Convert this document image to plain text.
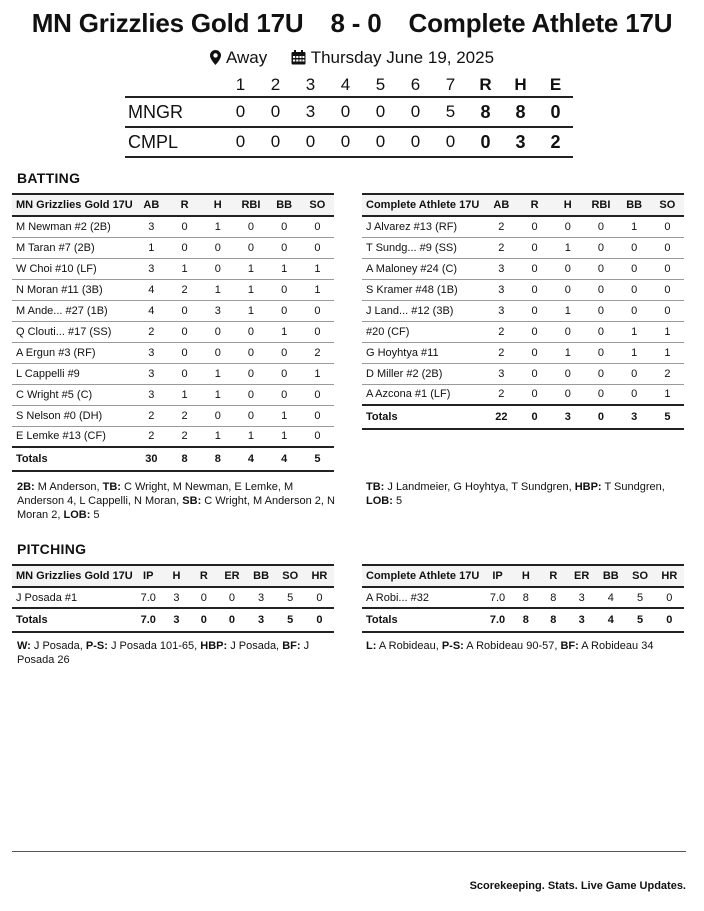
MN Grizzlies Gold 17U 8 - 0 Complete Athlete 17U
Away	Thursday June 19, 2025
	1	2	3	4	5	6	7	R	H	E
MNGR	0	0	3	0	0	0	5	8	8	0
CMPL	0	0	0	0	0	0	0	0	3	2
BATTING
MN Grizzlies Gold 17U	AB	R	H	RBI	BB	SO
M Newman #2 (2B)	3	0	1	0	0	0
M Taran #7 (2B)	1	0	0	0	0	0
W Choi #10 (LF)	3	1	0	1	1	1
N Moran #11 (3B)	4	2	1	1	0	1
M Ande... #27 (1B)	4	0	3	1	0	0
Q Clouti... #17 (SS)	2	0	0	0	1	0
A Ergun #3 (RF)	3	0	0	0	0	2
L Cappelli #9	3	0	1	0	0	1
C Wright #5 (C)	3	1	1	0	0	0
S Nelson #0 (DH)	2	2	0	0	1	0
E Lemke #13 (CF)	2	2	1	1	1	0
Totals	30	8	8	4	4	5
Complete Athlete 17U	AB	R	H	RBI	BB	SO
J Alvarez #13 (RF)	2	0	0	0	1	0
T Sundg... #9 (SS)	2	0	1	0	0	0
A Maloney #24 (C)	3	0	0	0	0	0
S Kramer #48 (1B)	3	0	0	0	0	0
J Land... #12 (3B)	3	0	1	0	0	0
#20 (CF)	2	0	0	0	1	1
G Hoyhtya #11	2	0	1	0	1	1
D Miller #2 (2B)	3	0	0	0	0	2
A Azcona #1 (LF)	2	0	0	0	0	1
Totals	22	0	3	0	3	5
2B: M Anderson, TB: C Wright, M Newman, E Lemke, M Anderson 4, L Cappelli, N Moran, SB: C Wright, M Anderson 2, N Moran 2, LOB: 5
TB: J Landmeier, G Hoyhtya, T Sundgren, HBP: T Sundgren, LOB: 5
PITCHING
MN Grizzlies Gold 17U	IP	H	R	ER	BB	SO	HR
J Posada #1	7.0	3	0	0	3	5	0
Totals	7.0	3	0	0	3	5	0
Complete Athlete 17U	IP	H	R	ER	BB	SO	HR
A Robi... #32	7.0	8	8	3	4	5	0
Totals	7.0	8	8	3	4	5	0
W: J Posada, P-S: J Posada 101-65, HBP: J Posada, BF: J Posada 26
L: A Robideau, P-S: A Robideau 90-57, BF: A Robideau 34
Scorekeeping. Stats. Live Game Updates.
